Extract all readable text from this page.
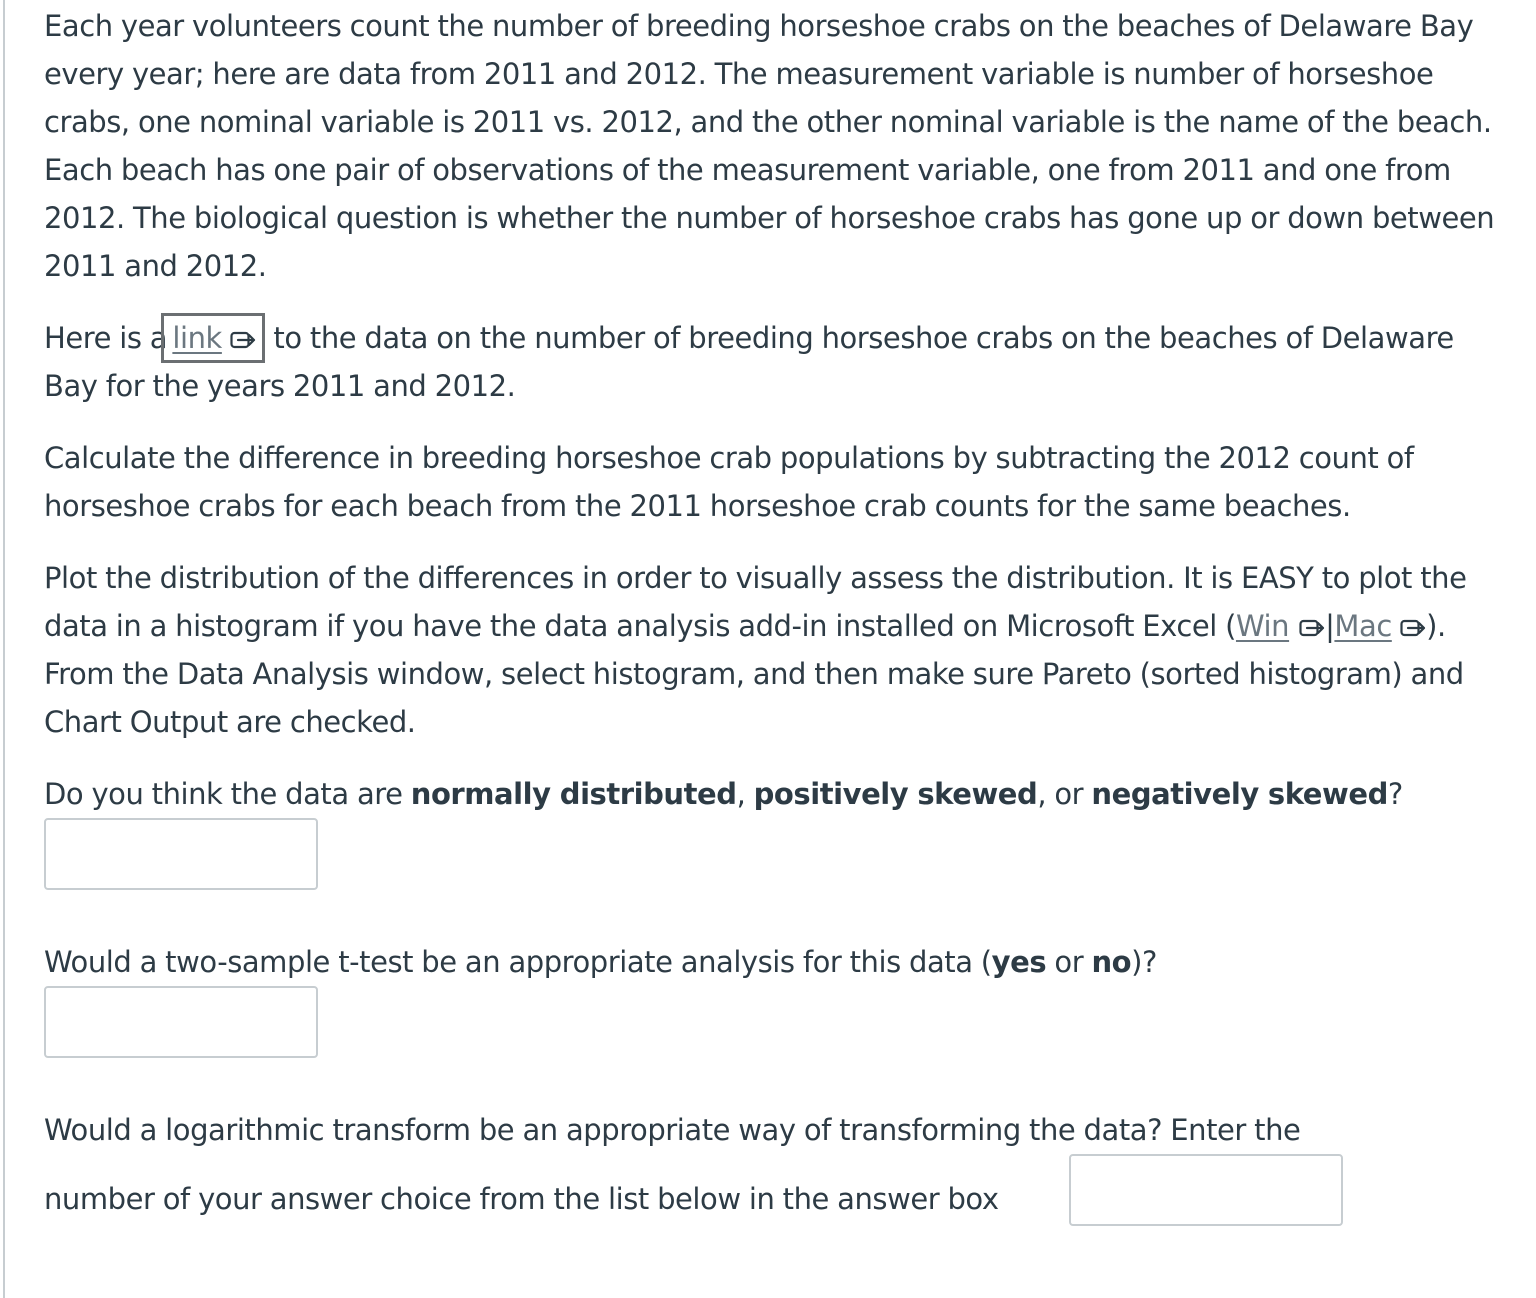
Each year volunteers count the number of breeding horseshoe crabs on the beaches of Delaware Bay every year; here are data from 2011 and 2012. The measurement variable is number of horseshoe crabs, one nominal variable is 2011 vs. 2012, and the other nominal variable is the name of the beach. Each beach has one pair of observations of the measurement variable, one from 2011 and one from 2012. The biological question is whether the number of horseshoe crabs has gone up or down between 2011 and 2012.

Here is a link  to the data on the number of breeding horseshoe crabs on the beaches of Delaware Bay for the years 2011 and 2012.

Calculate the difference in breeding horseshoe crab populations by subtracting the 2012 count of horseshoe crabs for each beach from the 2011 horseshoe crab counts for the same beaches.

Plot the distribution of the differences in order to visually assess the distribution. It is EASY to plot the data in a histogram if you have the data analysis add-in installed on Microsoft Excel (Win |Mac ). From the Data Analysis window, select histogram, and then make sure Pareto (sorted histogram) and Chart Output are checked.

Do you think the data are normally distributed, positively skewed, or negatively skewed?

Would a two-sample t-test be an appropriate analysis for this data (yes or no)?

Would a logarithmic transform be an appropriate way of transforming the data? Enter the
number of your answer choice from the list below in the answer box
